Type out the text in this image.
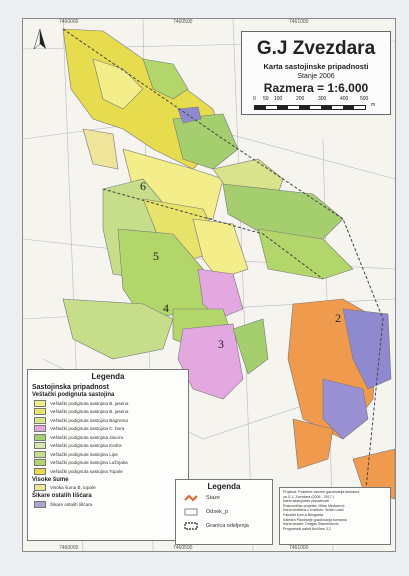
7460000	7460500	7461000
7460000	7460500	7461000
6
5
4
3
2
G.J Zvezdara
Karta sastojinske pripadnosti
Stanje 2006
Razmera = 1:6.000
0 50 100	200	300	400 500
m
Legenda
Sastojinska pripadnost
Veštački podignuta sastojina
Veštački podignuta sastojina B. jasena
Veštački podignuta sastojina B. jasena
Veštački podignuta sastojina Bagrema
Veštački podignuta sastojina C. bora
Veštački podignuta sastojina Javora
Veštački podignuta sastojina Kedra
Veštački podignuta sastojina Lipe
Veštački podignuta sastojina Lužnjaka
Veštački podignuta sastojina Topole
Visoke šume
Visoka šuma B. topole
Šikare ostalih lišćara
Šikare ostalih lišćara
Legenda
Staze
Odsek_p
Granica odeljenja
Projekat: Posebne osnove gazdovanja šumama
za G.J. Zvezdara (2006 - 2017.)
Karta sastojinske pripadnosti
Rukovodilac projekta: Milan Medarević
Karta izrađena u Institutu: Srđan Lazić
Fakultet šum.a Beograda
Katedra Planiranje gazdovanja šumama
Karta izradio: Dragan Stamenković
Programski paket ArcView 3.2
